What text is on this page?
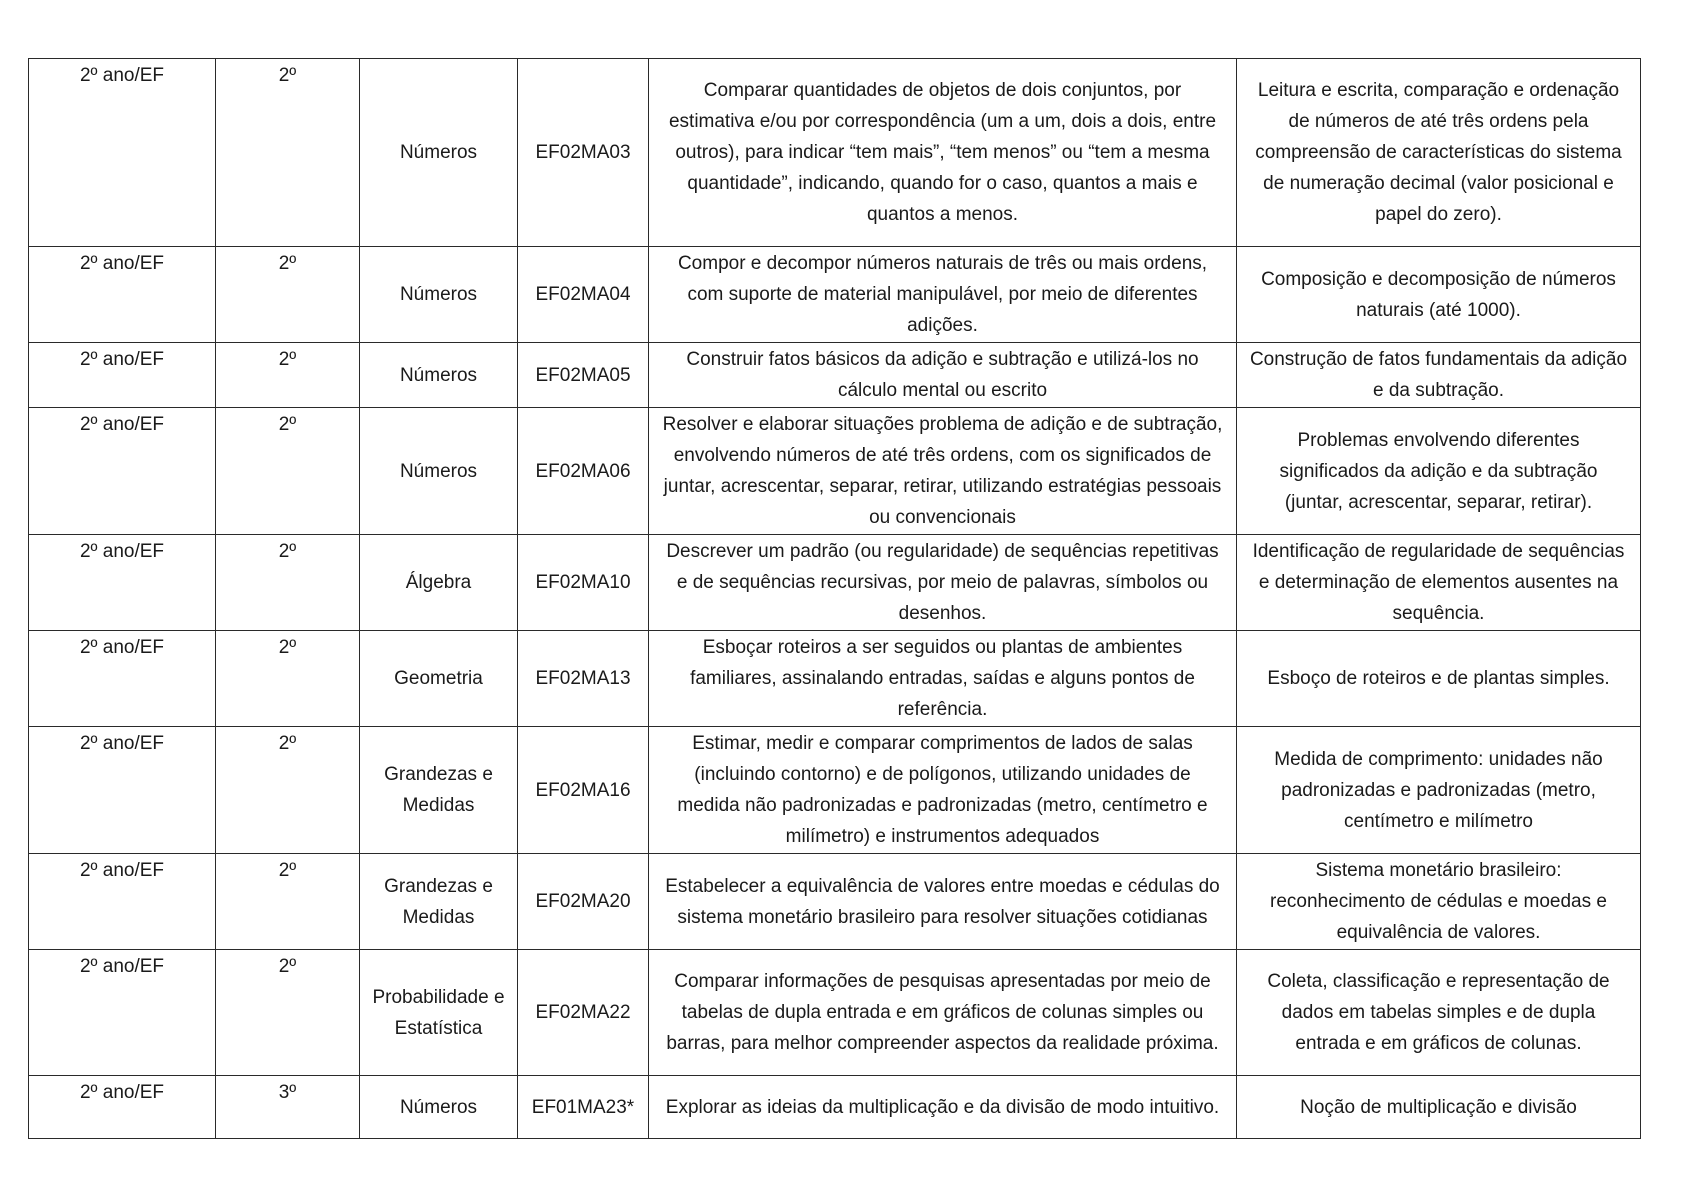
2º ano/EF	2º	Números	EF02MA03	Comparar quantidades de objetos de dois conjuntos, por estimativa e/ou por correspondência (um a um, dois a dois, entre outros), para indicar “tem mais”, “tem menos” ou “tem a mesma quantidade”, indicando, quando for o caso, quantos a mais e quantos a menos.	Leitura e escrita, comparação e ordenação de números de até três ordens pela compreensão de características do sistema de numeração decimal (valor posicional e papel do zero).
2º ano/EF	2º	Números	EF02MA04	Compor e decompor números naturais de três ou mais ordens, com suporte de material manipulável, por meio de diferentes adições.	Composição e decomposição de números naturais (até 1000).
2º ano/EF	2º	Números	EF02MA05	Construir fatos básicos da adição e subtração e utilizá-los no cálculo mental ou escrito	Construção de fatos fundamentais da adição e da subtração.
2º ano/EF	2º	Números	EF02MA06	Resolver e elaborar situações problema de adição e de subtração, envolvendo números de até três ordens, com os significados de juntar, acrescentar, separar, retirar, utilizando estratégias pessoais ou convencionais	Problemas envolvendo diferentes significados da adição e da subtração (juntar, acrescentar, separar, retirar).
2º ano/EF	2º	Álgebra	EF02MA10	Descrever um padrão (ou regularidade) de sequências repetitivas e de sequências recursivas, por meio de palavras, símbolos ou desenhos.	Identificação de regularidade de sequências e determinação de elementos ausentes na sequência.
2º ano/EF	2º	Geometria	EF02MA13	Esboçar roteiros a ser seguidos ou plantas de ambientes familiares, assinalando entradas, saídas e alguns pontos de referência.	Esboço de roteiros e de plantas simples.
2º ano/EF	2º	Grandezas e Medidas	EF02MA16	Estimar, medir e comparar comprimentos de lados de salas (incluindo contorno) e de polígonos, utilizando unidades de medida não padronizadas e padronizadas (metro, centímetro e milímetro) e instrumentos adequados	Medida de comprimento: unidades não padronizadas e padronizadas (metro, centímetro e milímetro
2º ano/EF	2º	Grandezas e Medidas	EF02MA20	Estabelecer a equivalência de valores entre moedas e cédulas do sistema monetário brasileiro para resolver situações cotidianas	Sistema monetário brasileiro: reconhecimento de cédulas e moedas e equivalência de valores.
2º ano/EF	2º	Probabilidade e Estatística	EF02MA22	Comparar informações de pesquisas apresentadas por meio de tabelas de dupla entrada e em gráficos de colunas simples ou barras, para melhor compreender aspectos da realidade próxima.	Coleta, classificação e representação de dados em tabelas simples e de dupla entrada e em gráficos de colunas.
2º ano/EF	3º	Números	EF01MA23*	Explorar as ideias da multiplicação e da divisão de modo intuitivo.	Noção de multiplicação e divisão
